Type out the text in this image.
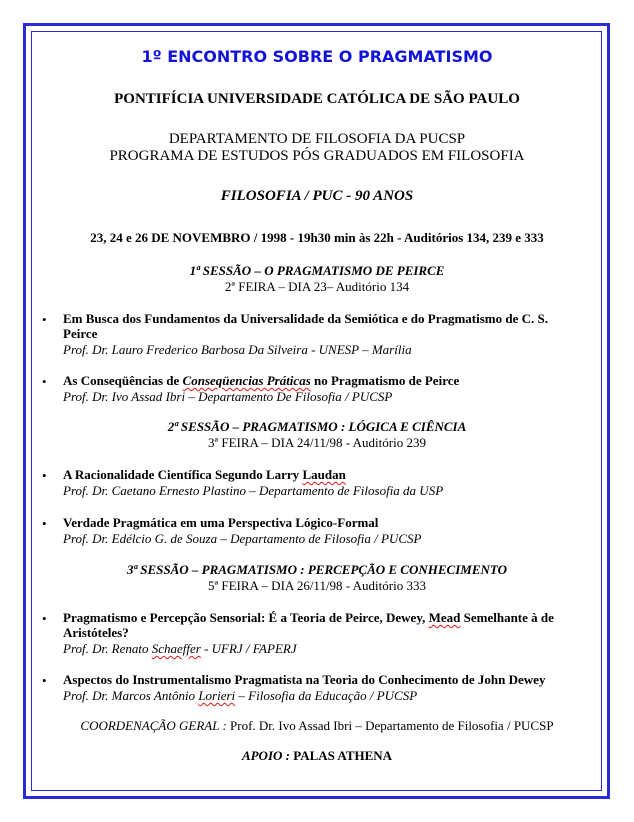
1º ENCONTRO SOBRE O PRAGMATISMO
PONTIFÍCIA UNIVERSIDADE CATÓLICA DE SÃO PAULO
DEPARTAMENTO DE FILOSOFIA DA PUCSP
PROGRAMA DE ESTUDOS PÓS GRADUADOS EM FILOSOFIA
FILOSOFIA / PUC - 90 ANOS
23, 24 e 26 DE NOVEMBRO / 1998 - 19h30 min às 22h - Auditórios 134, 239 e 333
1ª SESSÃO – O PRAGMATISMO DE PEIRCE
2ª FEIRA – DIA 23– Auditório 134
• Em Busca dos Fundamentos da Universalidade da Semiótica e do Pragmatismo de C. S.
Peirce
Prof. Dr. Lauro Frederico Barbosa Da Silveira - UNESP – Marília
• As Conseqüências de Conseqüencias Práticas no Pragmatismo de Peirce
Prof. Dr. Ivo Assad Ibri – Departamento De Filosofia / PUCSP
2ª SESSÃO – PRAGMATISMO : LÓGICA E CIÊNCIA
3ª FEIRA – DIA 24/11/98 - Auditório 239
• A Racionalidade Científica Segundo Larry Laudan
Prof. Dr. Caetano Ernesto Plastino – Departamento de Filosofia da USP
• Verdade Pragmática em uma Perspectiva Lógico-Formal
Prof. Dr. Edélcio G. de Souza – Departamento de Filosofia / PUCSP
3ª SESSÃO – PRAGMATISMO : PERCEPÇÃO E CONHECIMENTO
5ª FEIRA – DIA 26/11/98 - Auditório 333
• Pragmatismo e Percepção Sensorial: É a Teoria de Peirce, Dewey, Mead Semelhante à de
Aristóteles?
Prof. Dr. Renato Schaeffer - UFRJ / FAPERJ
• Aspectos do Instrumentalismo Pragmatista na Teoria do Conhecimento de John Dewey
Prof. Dr. Marcos Antônio Lorieri – Filosofia da Educação / PUCSP
COORDENAÇÃO GERAL : Prof. Dr. Ivo Assad Ibri – Departamento de Filosofia / PUCSP
APOIO : PALAS ATHENA
